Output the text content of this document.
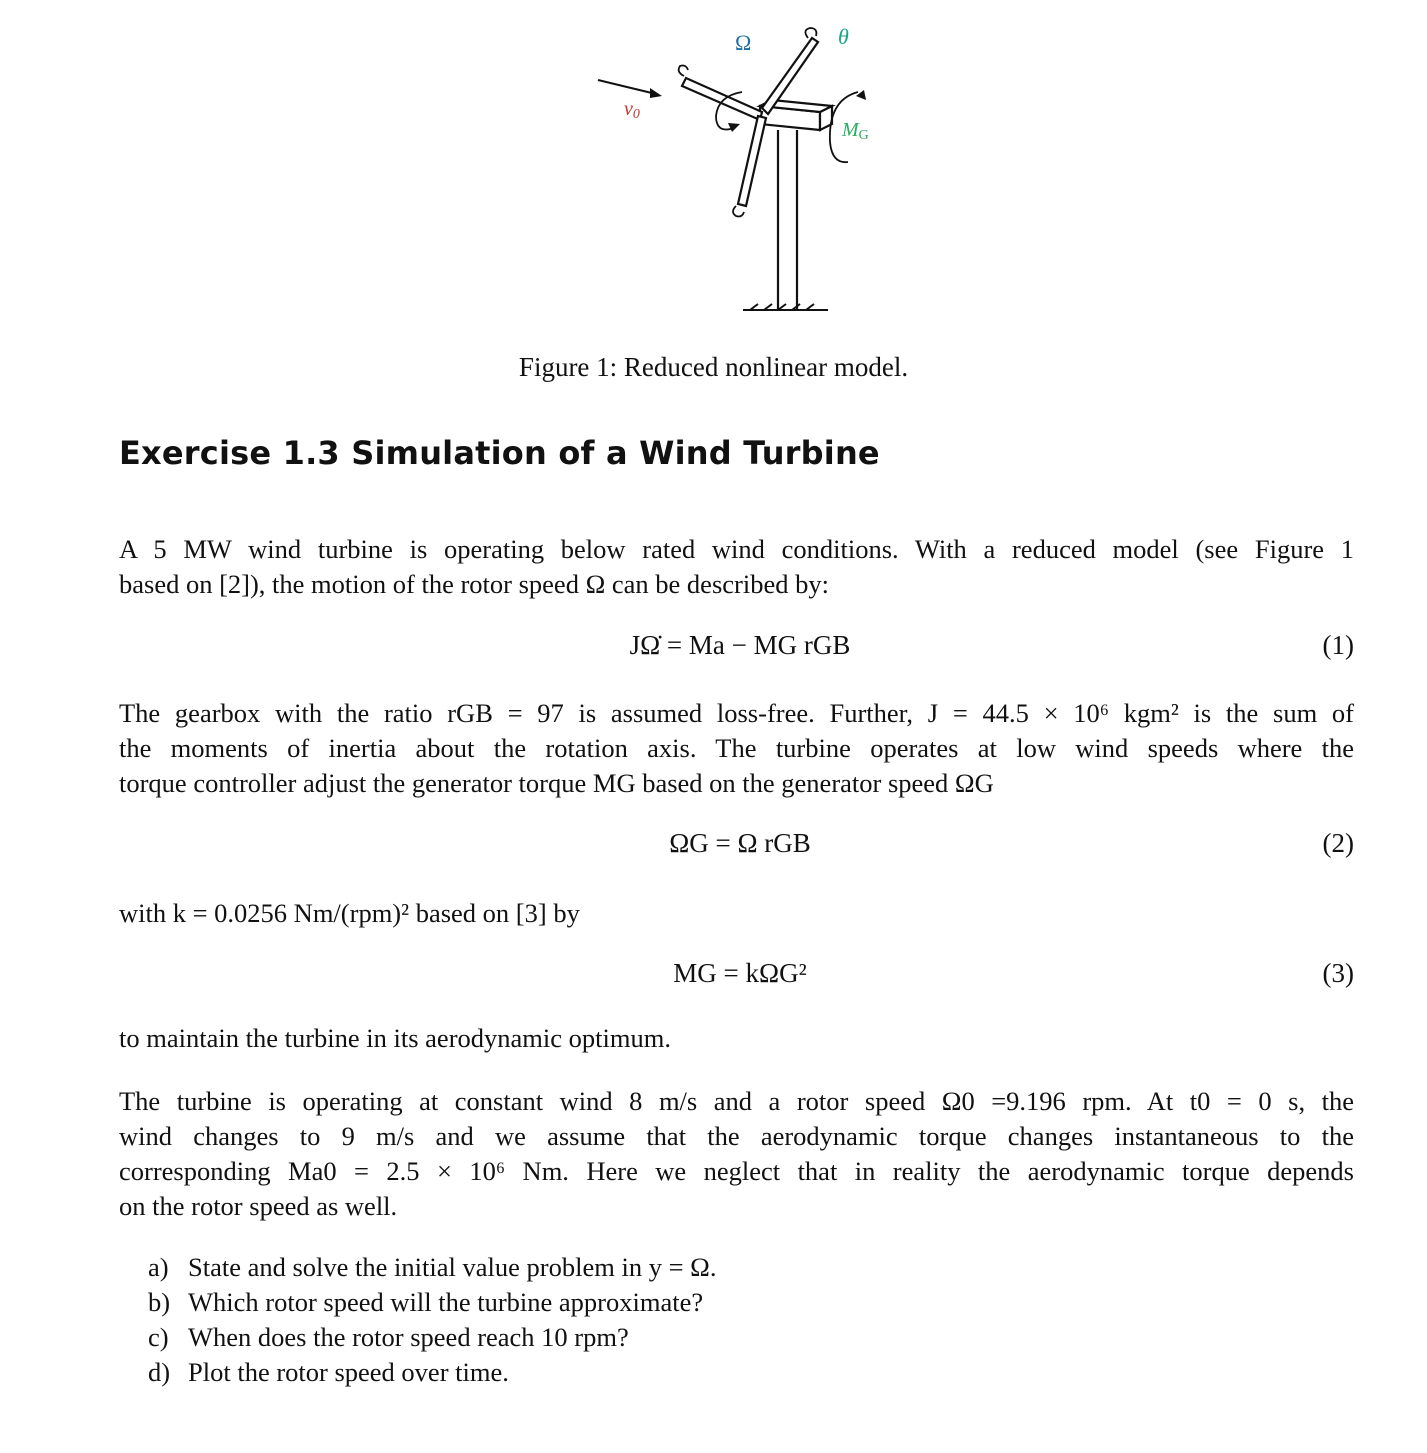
v0
Ω	θ
MG
Figure 1: Reduced nonlinear model.
Exercise 1.3 Simulation of a Wind Turbine
A 5 MW wind turbine is operating below rated wind conditions. With a reduced model (see Figure 1
based on [2]), the motion of the rotor speed Ω can be described by:
JΩ̇ = Ma − MG rGB	(1)
The gearbox with the ratio rGB = 97 is assumed loss-free. Further, J = 44.5 × 10⁶ kgm² is the sum of
the moments of inertia about the rotation axis. The turbine operates at low wind speeds where the
torque controller adjust the generator torque MG based on the generator speed ΩG
ΩG = Ω rGB	(2)
with k = 0.0256 Nm/(rpm)² based on [3] by
MG = kΩG²	(3)
to maintain the turbine in its aerodynamic optimum.
The turbine is operating at constant wind 8 m/s and a rotor speed Ω0 =9.196 rpm. At t0 = 0 s, the
wind changes to 9 m/s and we assume that the aerodynamic torque changes instantaneous to the
corresponding Ma0 = 2.5 × 10⁶ Nm. Here we neglect that in reality the aerodynamic torque depends
on the rotor speed as well.
a) State and solve the initial value problem in y = Ω.
b) Which rotor speed will the turbine approximate?
c) When does the rotor speed reach 10 rpm?
d) Plot the rotor speed over time.
